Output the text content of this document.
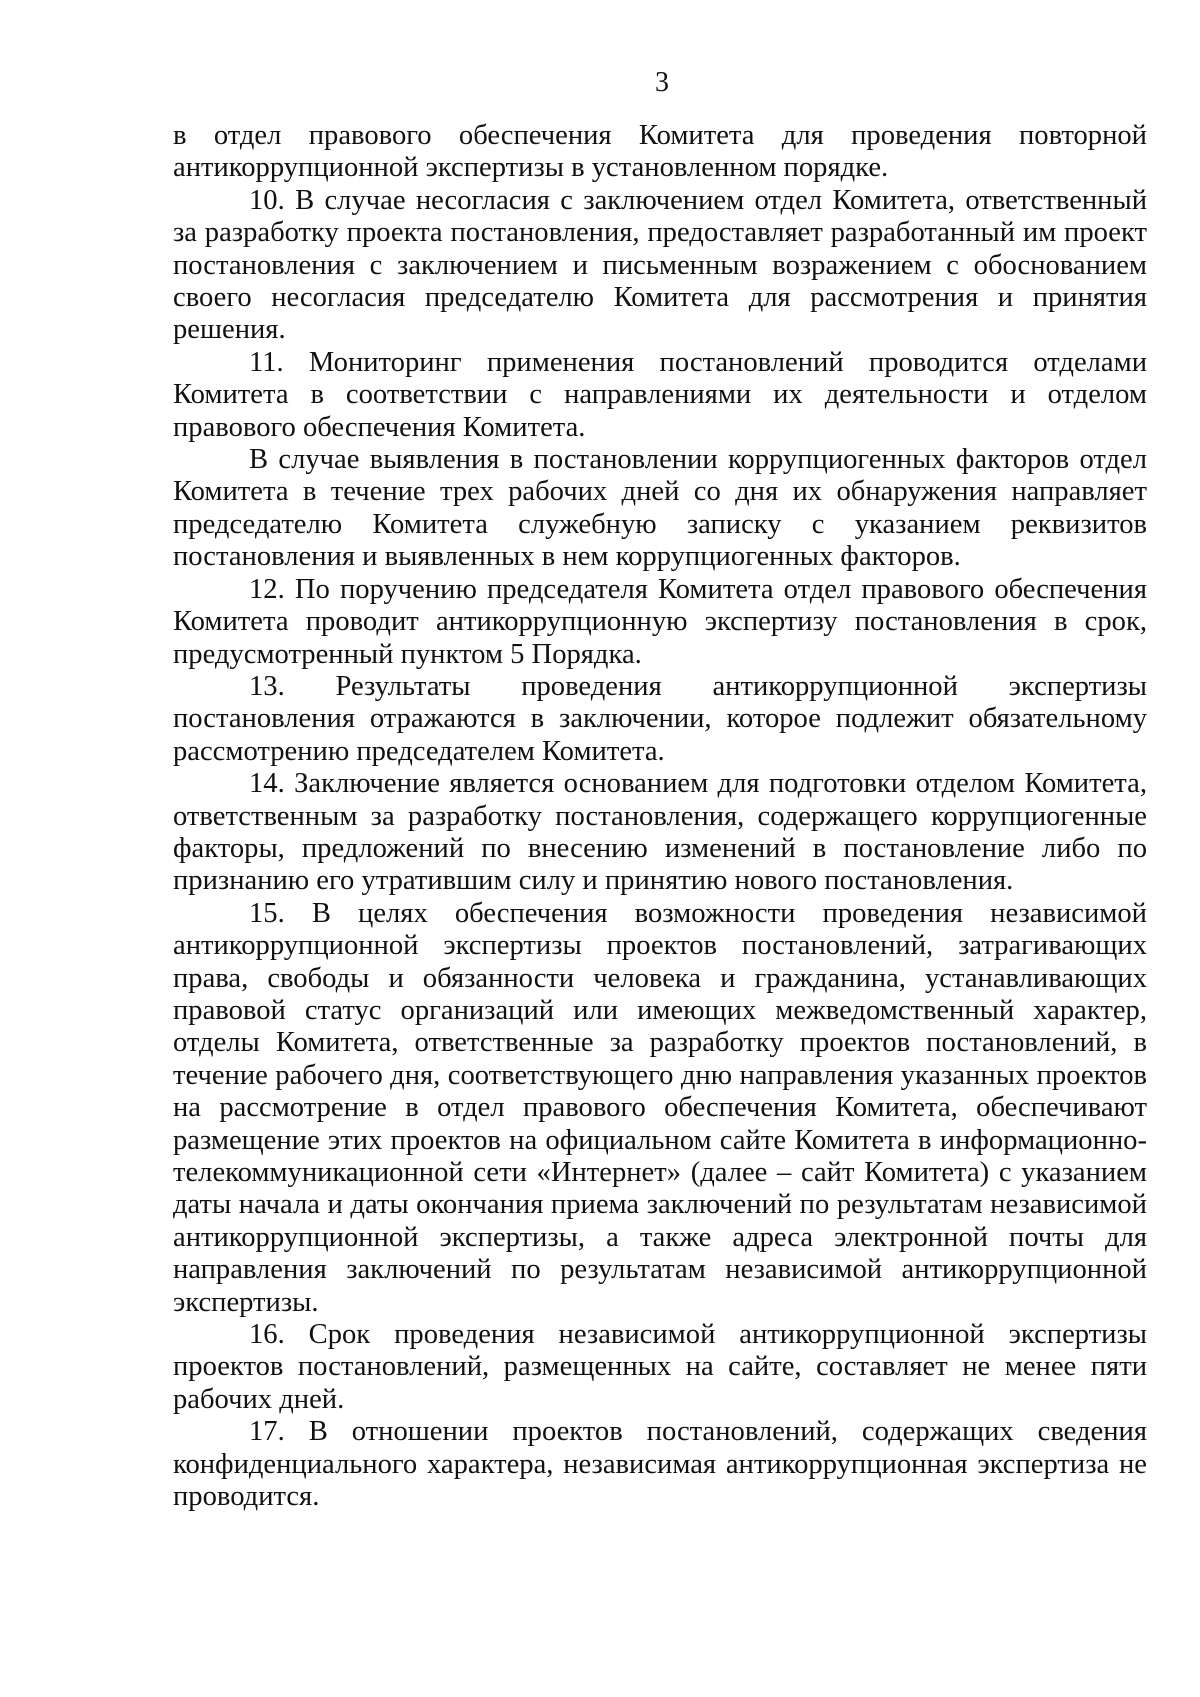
3

в отдел правового обеспечения Комитета для проведения повторной антикоррупционной экспертизы в установленном порядке.

10. В случае несогласия с заключением отдел Комитета, ответственный за разработку проекта постановления, предоставляет разработанный им проект постановления с заключением и письменным возражением с обоснованием своего несогласия председателю Комитета для рассмотрения и принятия решения.

11. Мониторинг применения постановлений проводится отделами Комитета в соответствии с направлениями их деятельности и отделом правового обеспечения Комитета.

В случае выявления в постановлении коррупциогенных факторов отдел Комитета в течение трех рабочих дней со дня их обнаружения направляет председателю Комитета служебную записку с указанием реквизитов постановления и выявленных в нем коррупциогенных факторов.

12. По поручению председателя Комитета отдел правового обеспечения Комитета проводит антикоррупционную экспертизу постановления в срок, предусмотренный пунктом 5 Порядка.

13. Результаты проведения антикоррупционной экспертизы постановления отражаются в заключении, которое подлежит обязательному рассмотрению председателем Комитета.

14. Заключение является основанием для подготовки отделом Комитета, ответственным за разработку постановления, содержащего коррупциогенные факторы, предложений по внесению изменений в постановление либо по признанию его утратившим силу и принятию нового постановления.

15. В целях обеспечения возможности проведения независимой антикоррупционной экспертизы проектов постановлений, затрагивающих права, свободы и обязанности человека и гражданина, устанавливающих правовой статус организаций или имеющих межведомственный характер, отделы Комитета, ответственные за разработку проектов постановлений, в течение рабочего дня, соответствующего дню направления указанных проектов на рассмотрение в отдел правового обеспечения Комитета, обеспечивают размещение этих проектов на официальном сайте Комитета в информационно-телекоммуникационной сети «Интернет» (далее – сайт Комитета) с указанием даты начала и даты окончания приема заключений по результатам независимой антикоррупционной экспертизы, а также адреса электронной почты для направления заключений по результатам независимой антикоррупционной экспертизы.

16. Срок проведения независимой антикоррупционной экспертизы проектов постановлений, размещенных на сайте, составляет не менее пяти рабочих дней.

17. В отношении проектов постановлений, содержащих сведения конфиденциального характера, независимая антикоррупционная экспертиза не проводится.
